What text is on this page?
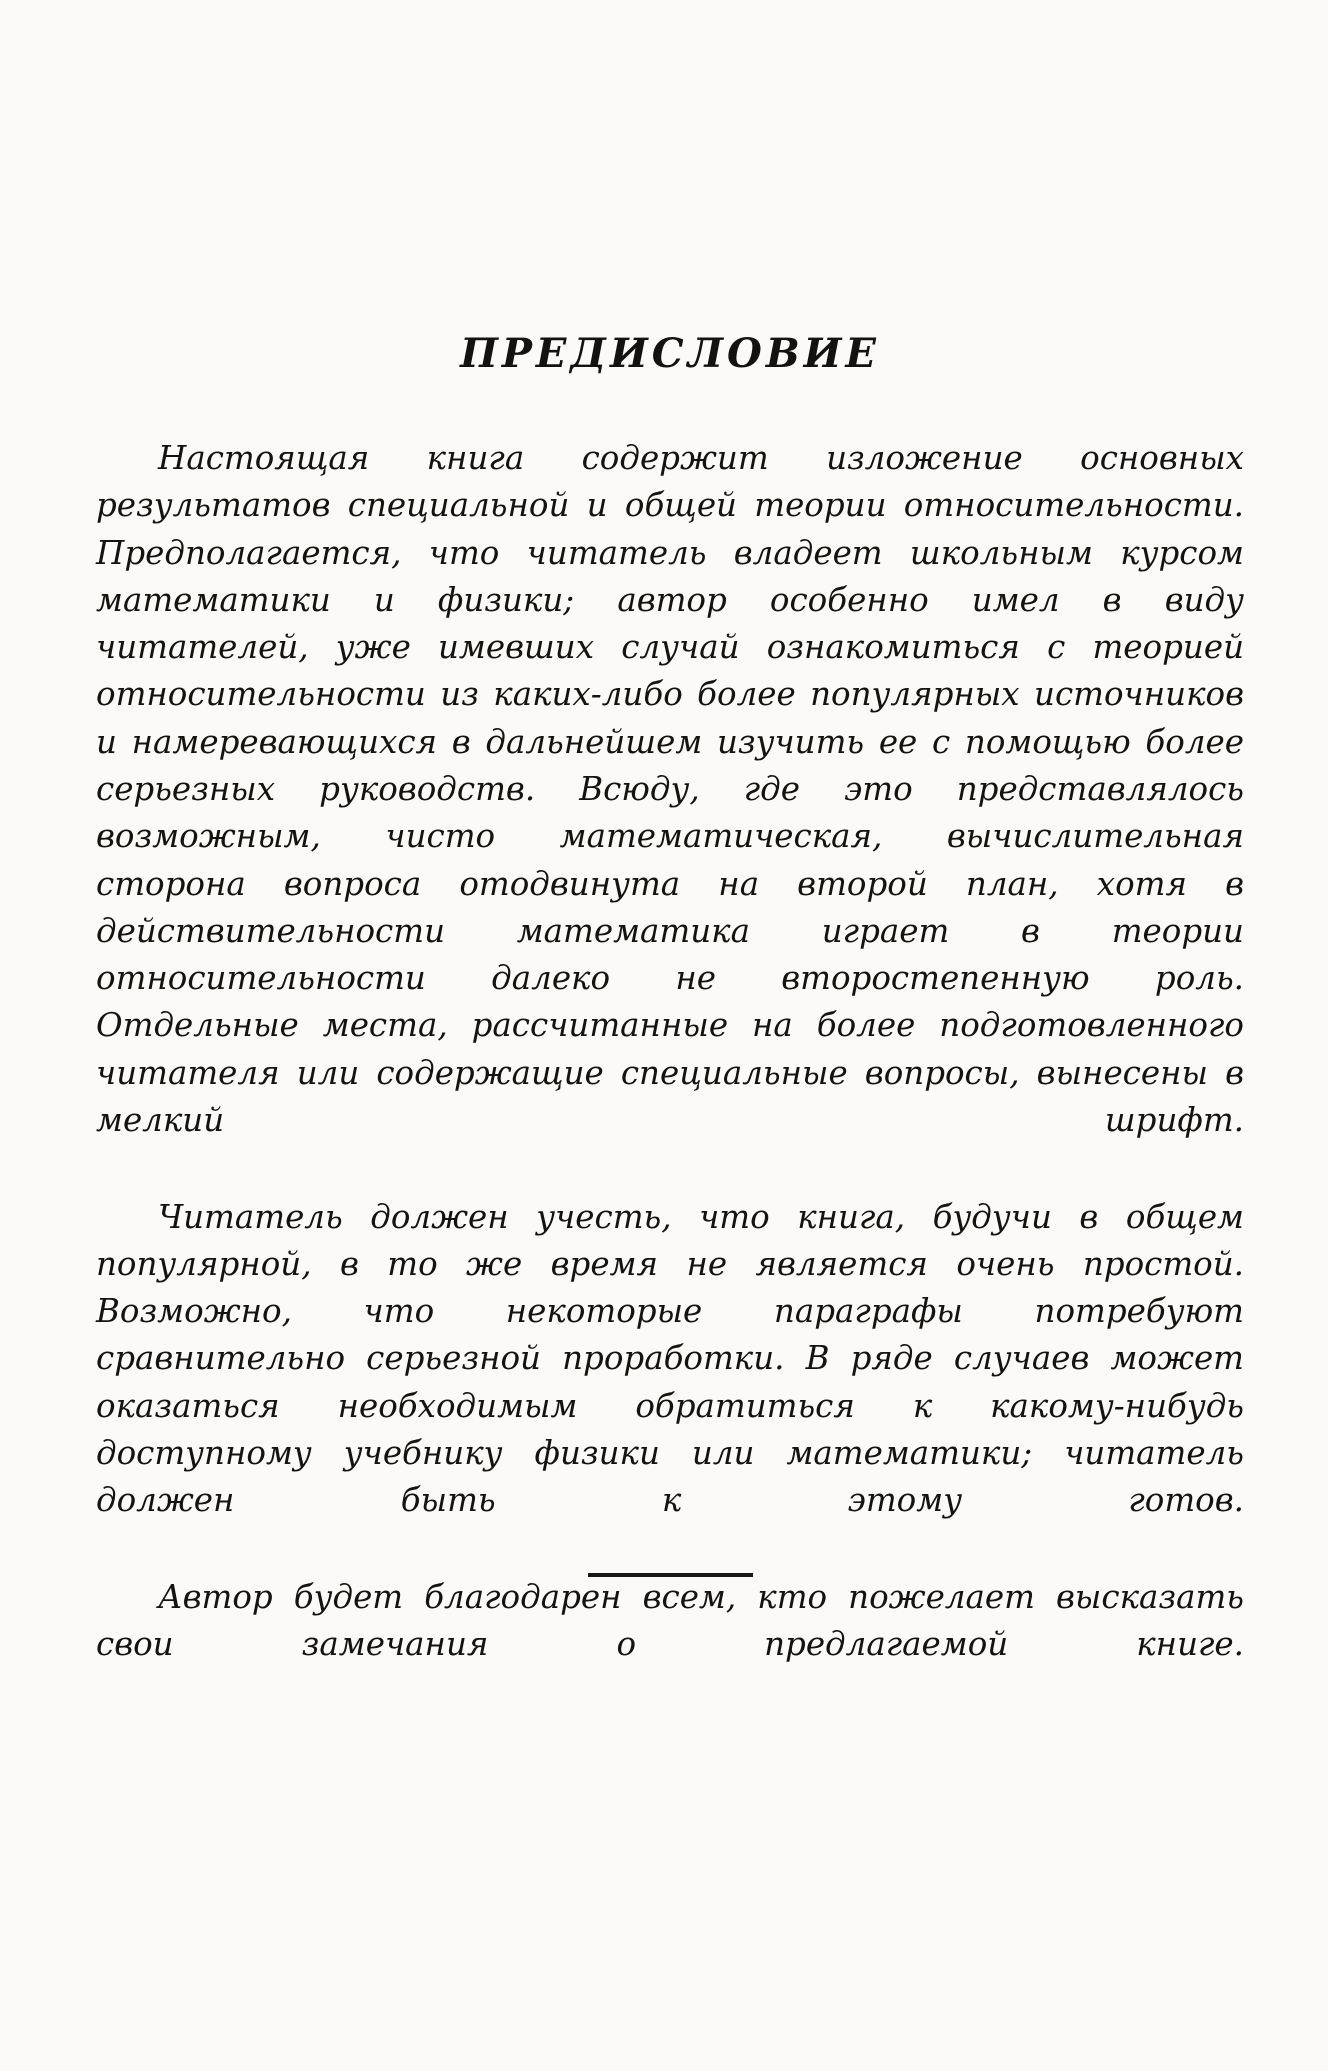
ПРЕДИСЛОВИЕ

Настоящая книга содержит изложение основных результатов специальной и общей теории относительности. Предполагается, что читатель владеет школьным курсом математики и физики; автор особенно имел в виду читателей, уже имевших случай ознакомиться с теорией относительности из каких-либо более популярных источников и намеревающихся в дальнейшем изучить ее с помощью более серьезных руководств. Всюду, где это представлялось возможным, чисто математическая, вычислительная сторона вопроса отодвинута на второй план, хотя в действительности математика играет в теории относительности далеко не второстепенную роль. Отдельные места, рассчитанные на более подготовленного читателя или содержащие специальные вопросы, вынесены в мелкий шрифт.

Читатель должен учесть, что книга, будучи в общем популярной, в то же время не является очень простой. Возможно, что некоторые параграфы потребуют сравнительно серьезной проработки. В ряде случаев может оказаться необходимым обратиться к какому-нибудь доступному учебнику физики или математики; читатель должен быть к этому готов.

Автор будет благодарен всем, кто пожелает высказать свои замечания о предлагаемой книге.
